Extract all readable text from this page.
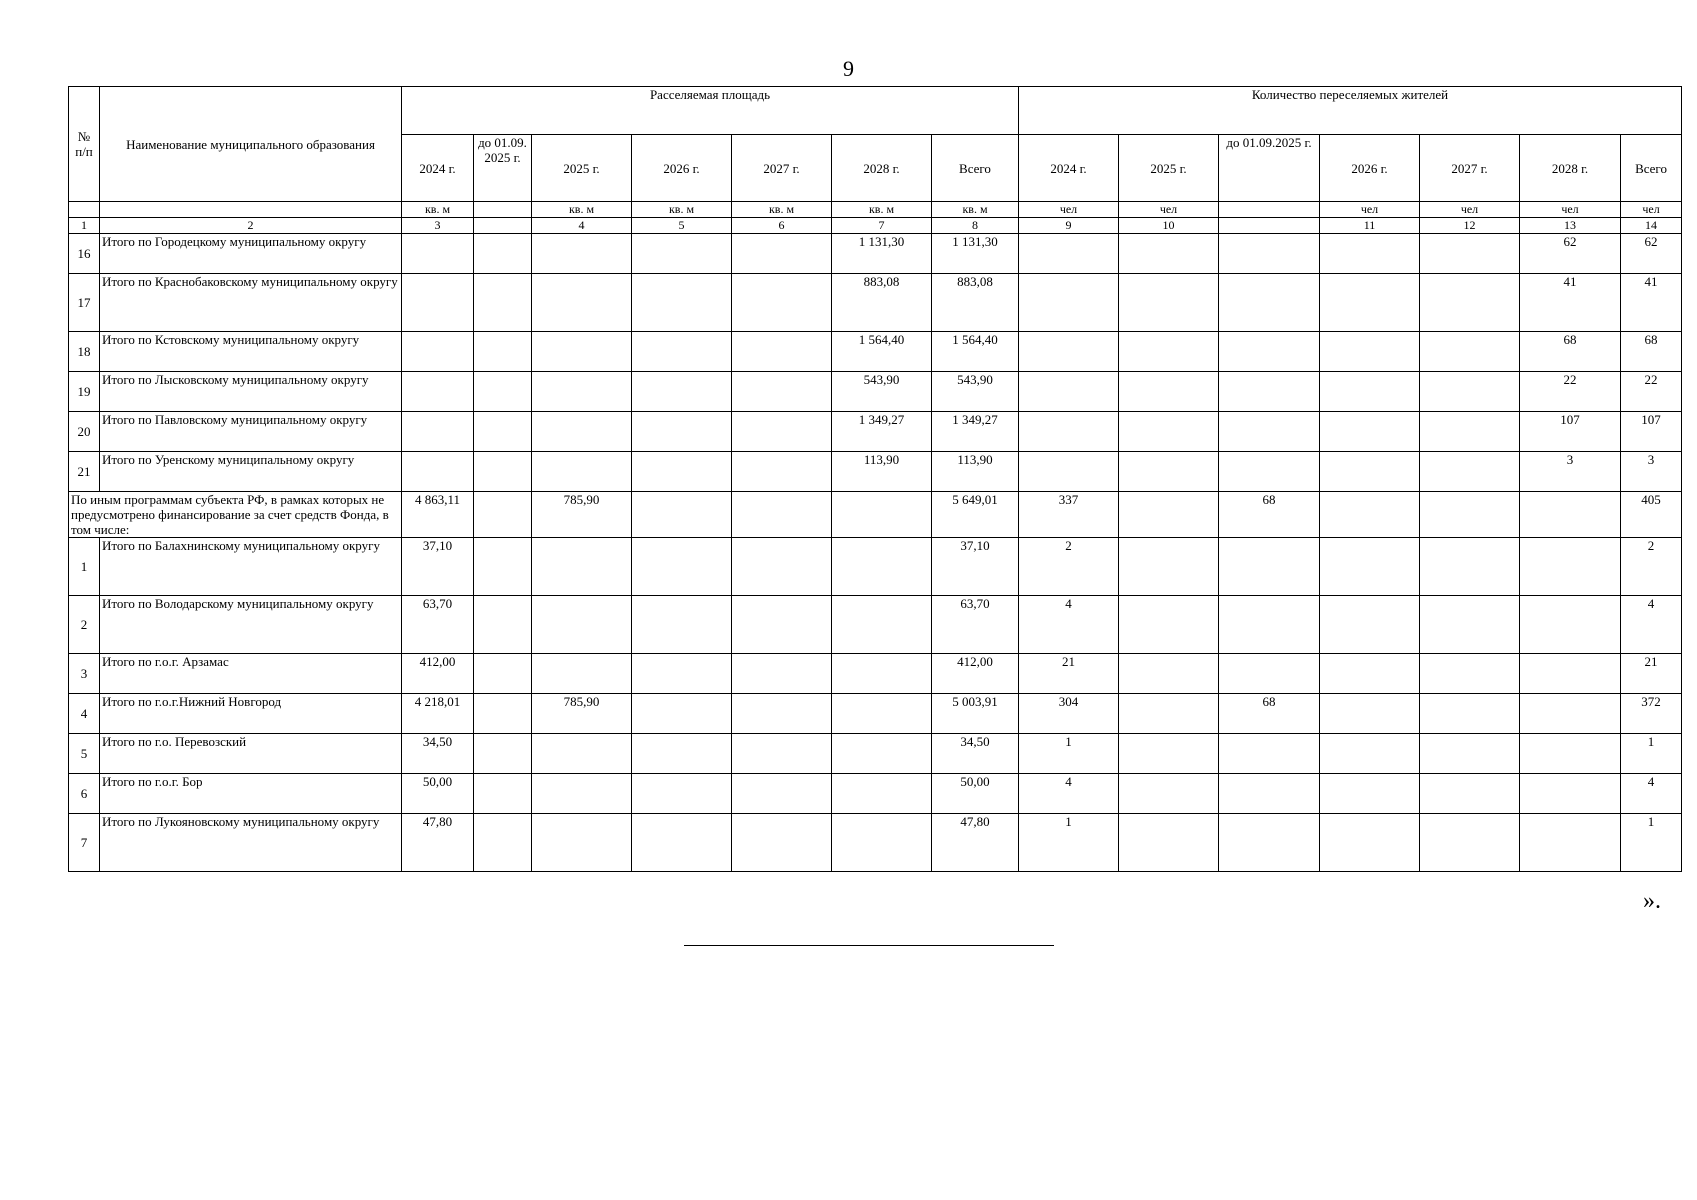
9
№ п/п	Наименование муниципального образования	Расселяемая площадь							Количество переселяемых жителей						
		2024 г.	до 01.09. 2025 г.	2025 г.	2026 г.	2027 г.	2028 г.	Всего	2024 г.	2025 г.	до 01.09.2025 г.	2026 г.	2027 г.	2028 г.	Всего
		кв. м		кв. м	кв. м	кв. м	кв. м	кв. м	чел	чел		чел	чел	чел	чел
1	2	3		4	5	6	7	8	9	10		11	12	13	14
16	Итого по Городецкому муниципальному округу						1 131,30	1 131,30						62	62
17	Итого по Краснобаковскому муниципальному округу						883,08	883,08						41	41
18	Итого по Кстовскому муниципальному округу						1 564,40	1 564,40						68	68
19	Итого по Лысковскому муниципальному округу						543,90	543,90						22	22
20	Итого по Павловскому муниципальному округу						1 349,27	1 349,27						107	107
21	Итого по Уренскому муниципальному округу						113,90	113,90						3	3
По иным программам субъекта РФ, в рамках которых не предусмотрено финансирование за счет средств Фонда, в том числе:		4 863,11		785,90				5 649,01	337		68				405
1	Итого по Балахнинскому муниципальному округу	37,10						37,10	2						2
2	Итого по Володарскому муниципальному округу	63,70						63,70	4						4
3	Итого по г.о.г. Арзамас	412,00						412,00	21						21
4	Итого по г.о.г.Нижний Новгород	4 218,01		785,90				5 003,91	304		68				372
5	Итого по г.о. Перевозский	34,50						34,50	1						1
6	Итого по г.о.г. Бор	50,00						50,00	4						4
7	Итого по Лукояновскому муниципальному округу	47,80						47,80	1						1
».
